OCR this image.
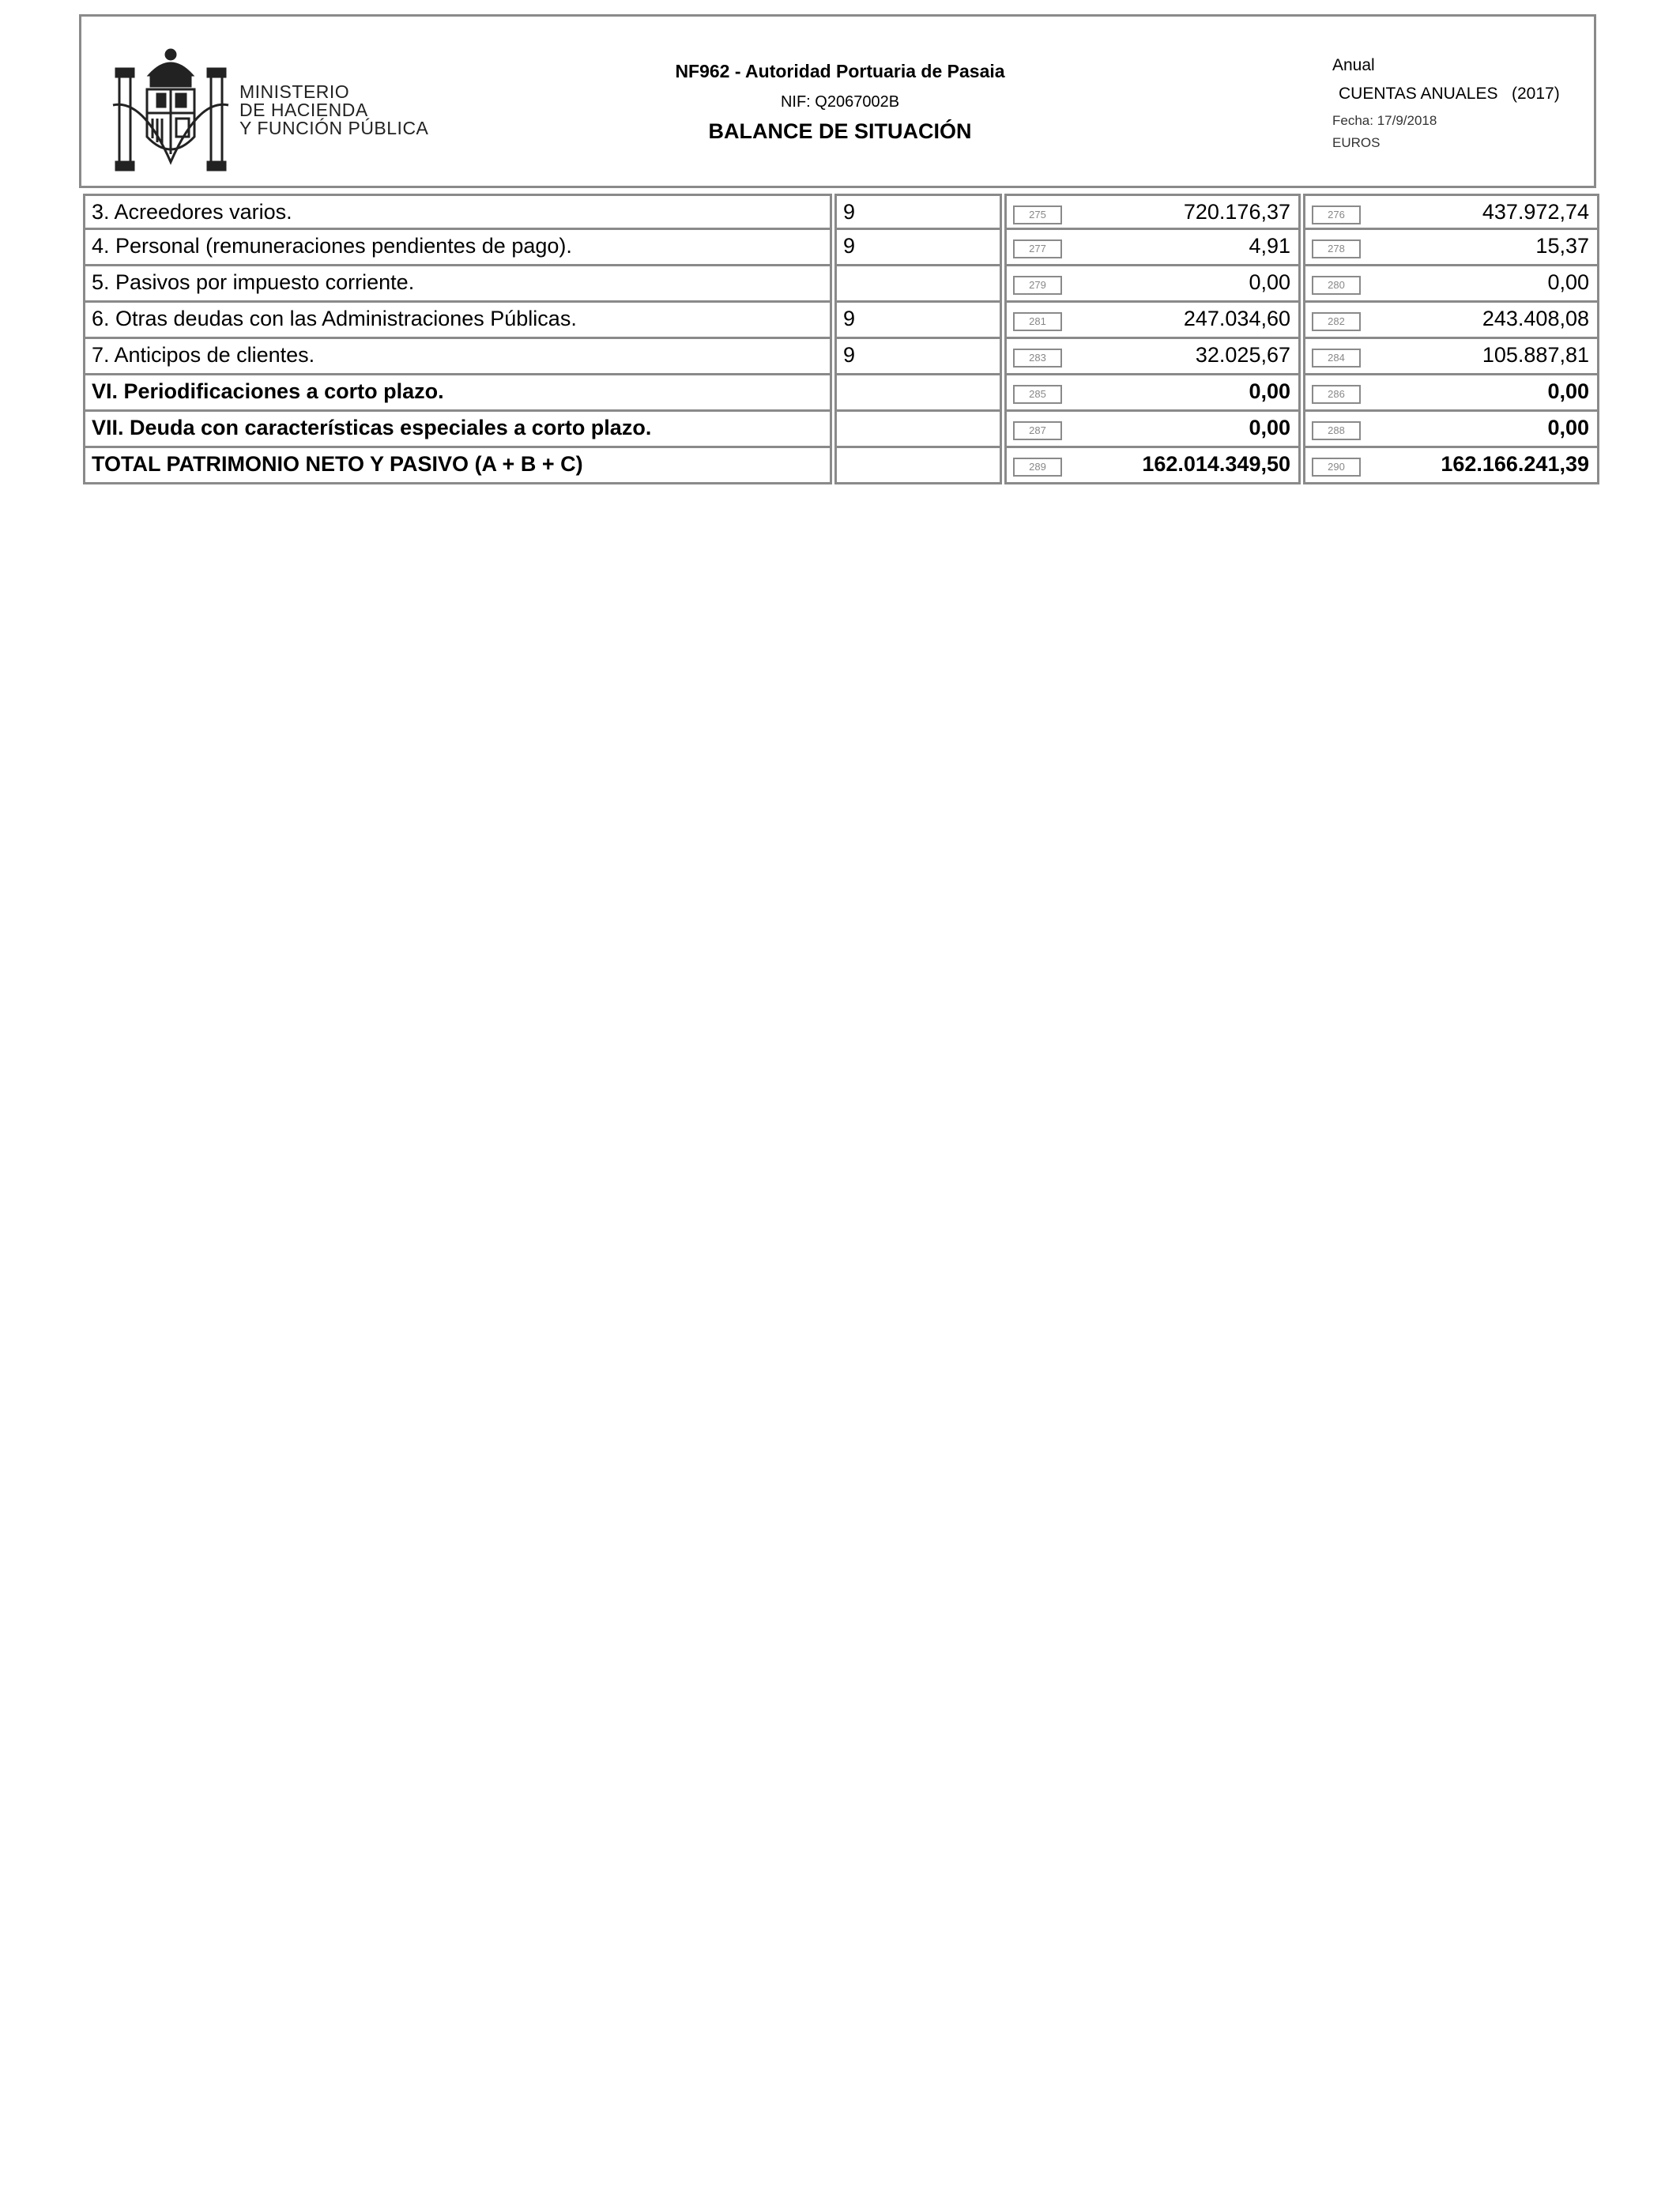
MINISTERIO
DE HACIENDA
Y FUNCIÓN PÚBLICA
NF962 - Autoridad Portuaria de Pasaia
NIF: Q2067002B
BALANCE DE SITUACIÓN
Anual
CUENTAS ANUALES   (2017)
Fecha: 17/9/2018
EUROS
3. Acreedores varios.	9	275 720.176,37	276 437.972,74

4. Personal (remuneraciones pendientes de pago).	9	277 4,91	278 15,37

5. Pasivos por impuesto corriente.		279 0,00	280 0,00

6. Otras deudas con las Administraciones Públicas.	9	281 247.034,60	282 243.408,08

7. Anticipos de clientes.	9	283 32.025,67	284 105.887,81

VI. Periodificaciones a corto plazo.		285 0,00	286 0,00

VII. Deuda con características especiales a corto plazo.		287 0,00	288 0,00

TOTAL PATRIMONIO NETO Y PASIVO (A + B + C)		289 162.014.349,50	290 162.166.241,39
